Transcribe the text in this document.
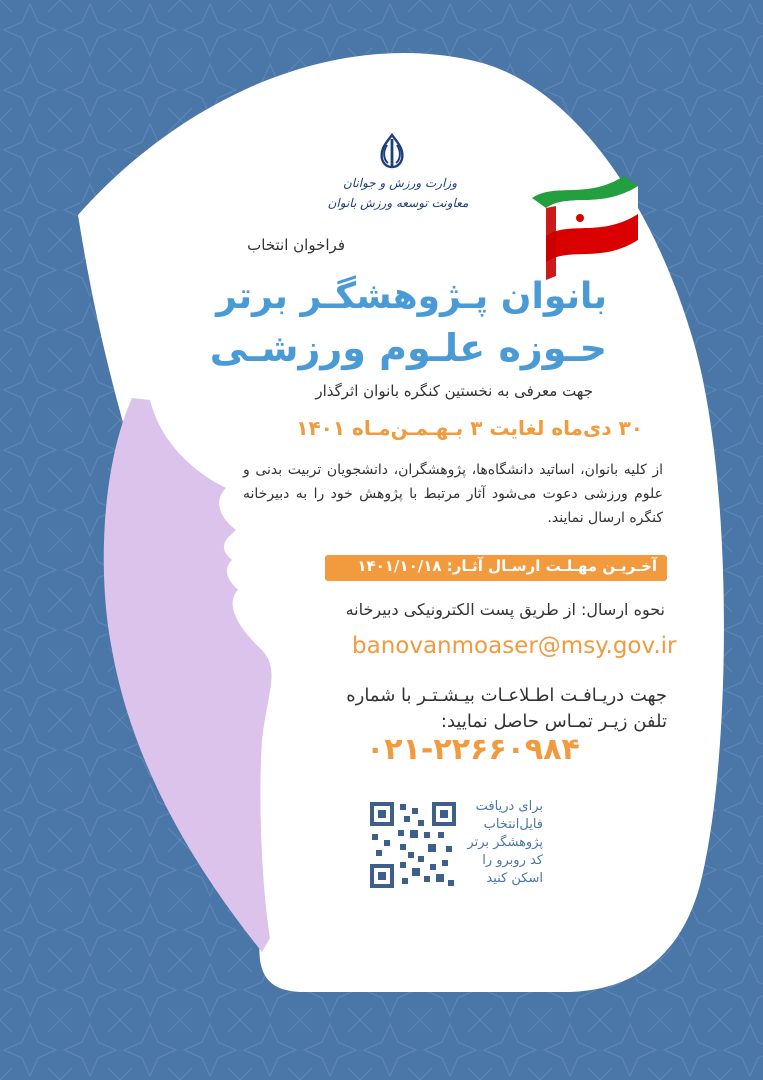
وزارت ورزش و جوانان
معاونت توسعه ورزش بانوان

فراخوان انتخاب

بانوان پـژوهشگـر برتر

حـوزه علـوم ورزشـی

جهت معرفی به نخستین کنگره بانوان اثرگذار

۳۰ دی‌ماه لغایت ۳ بـهـمـن‌مـاه ۱۴۰۱

از کلیه بانوان، اساتید دانشگاه‌ها، پژوهشگران، دانشجویان تربیت بدنی و علوم ورزشی دعوت می‌شود آثار مرتبط با پژوهش خود را به دبیرخانه کنگره ارسال نمایند.

آخـریـن مهـلـت ارسـال آثـار: ۱۴۰۱/۱۰/۱۸

نحوه ارسال: از طریق پست الکترونیکی دبیرخانه

banovanmoaser@msy.gov.ir

جهت دریـافـت اطـلاعـات بیـشـتـر با شماره تلفن زیـر تمـاس حاصل نمایید:

۰۲۱-۲۲۶۶۰۹۸۴

برای دریافت فایل‌انتخاب پژوهشگر برتر کد روبرو را اسکن کنید
